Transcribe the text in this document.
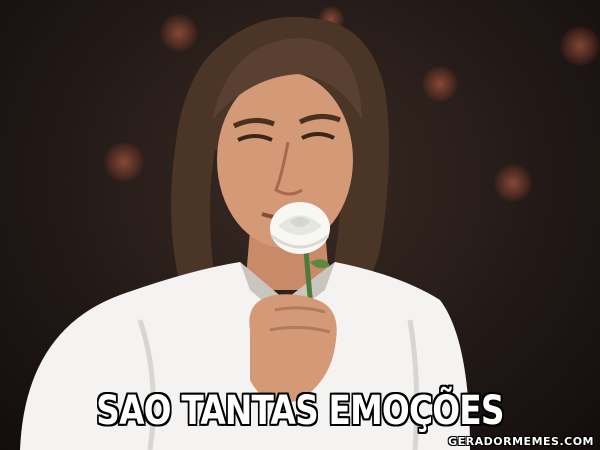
SAO TANTAS EMOÇÕES
GERADORMEMES.COM
